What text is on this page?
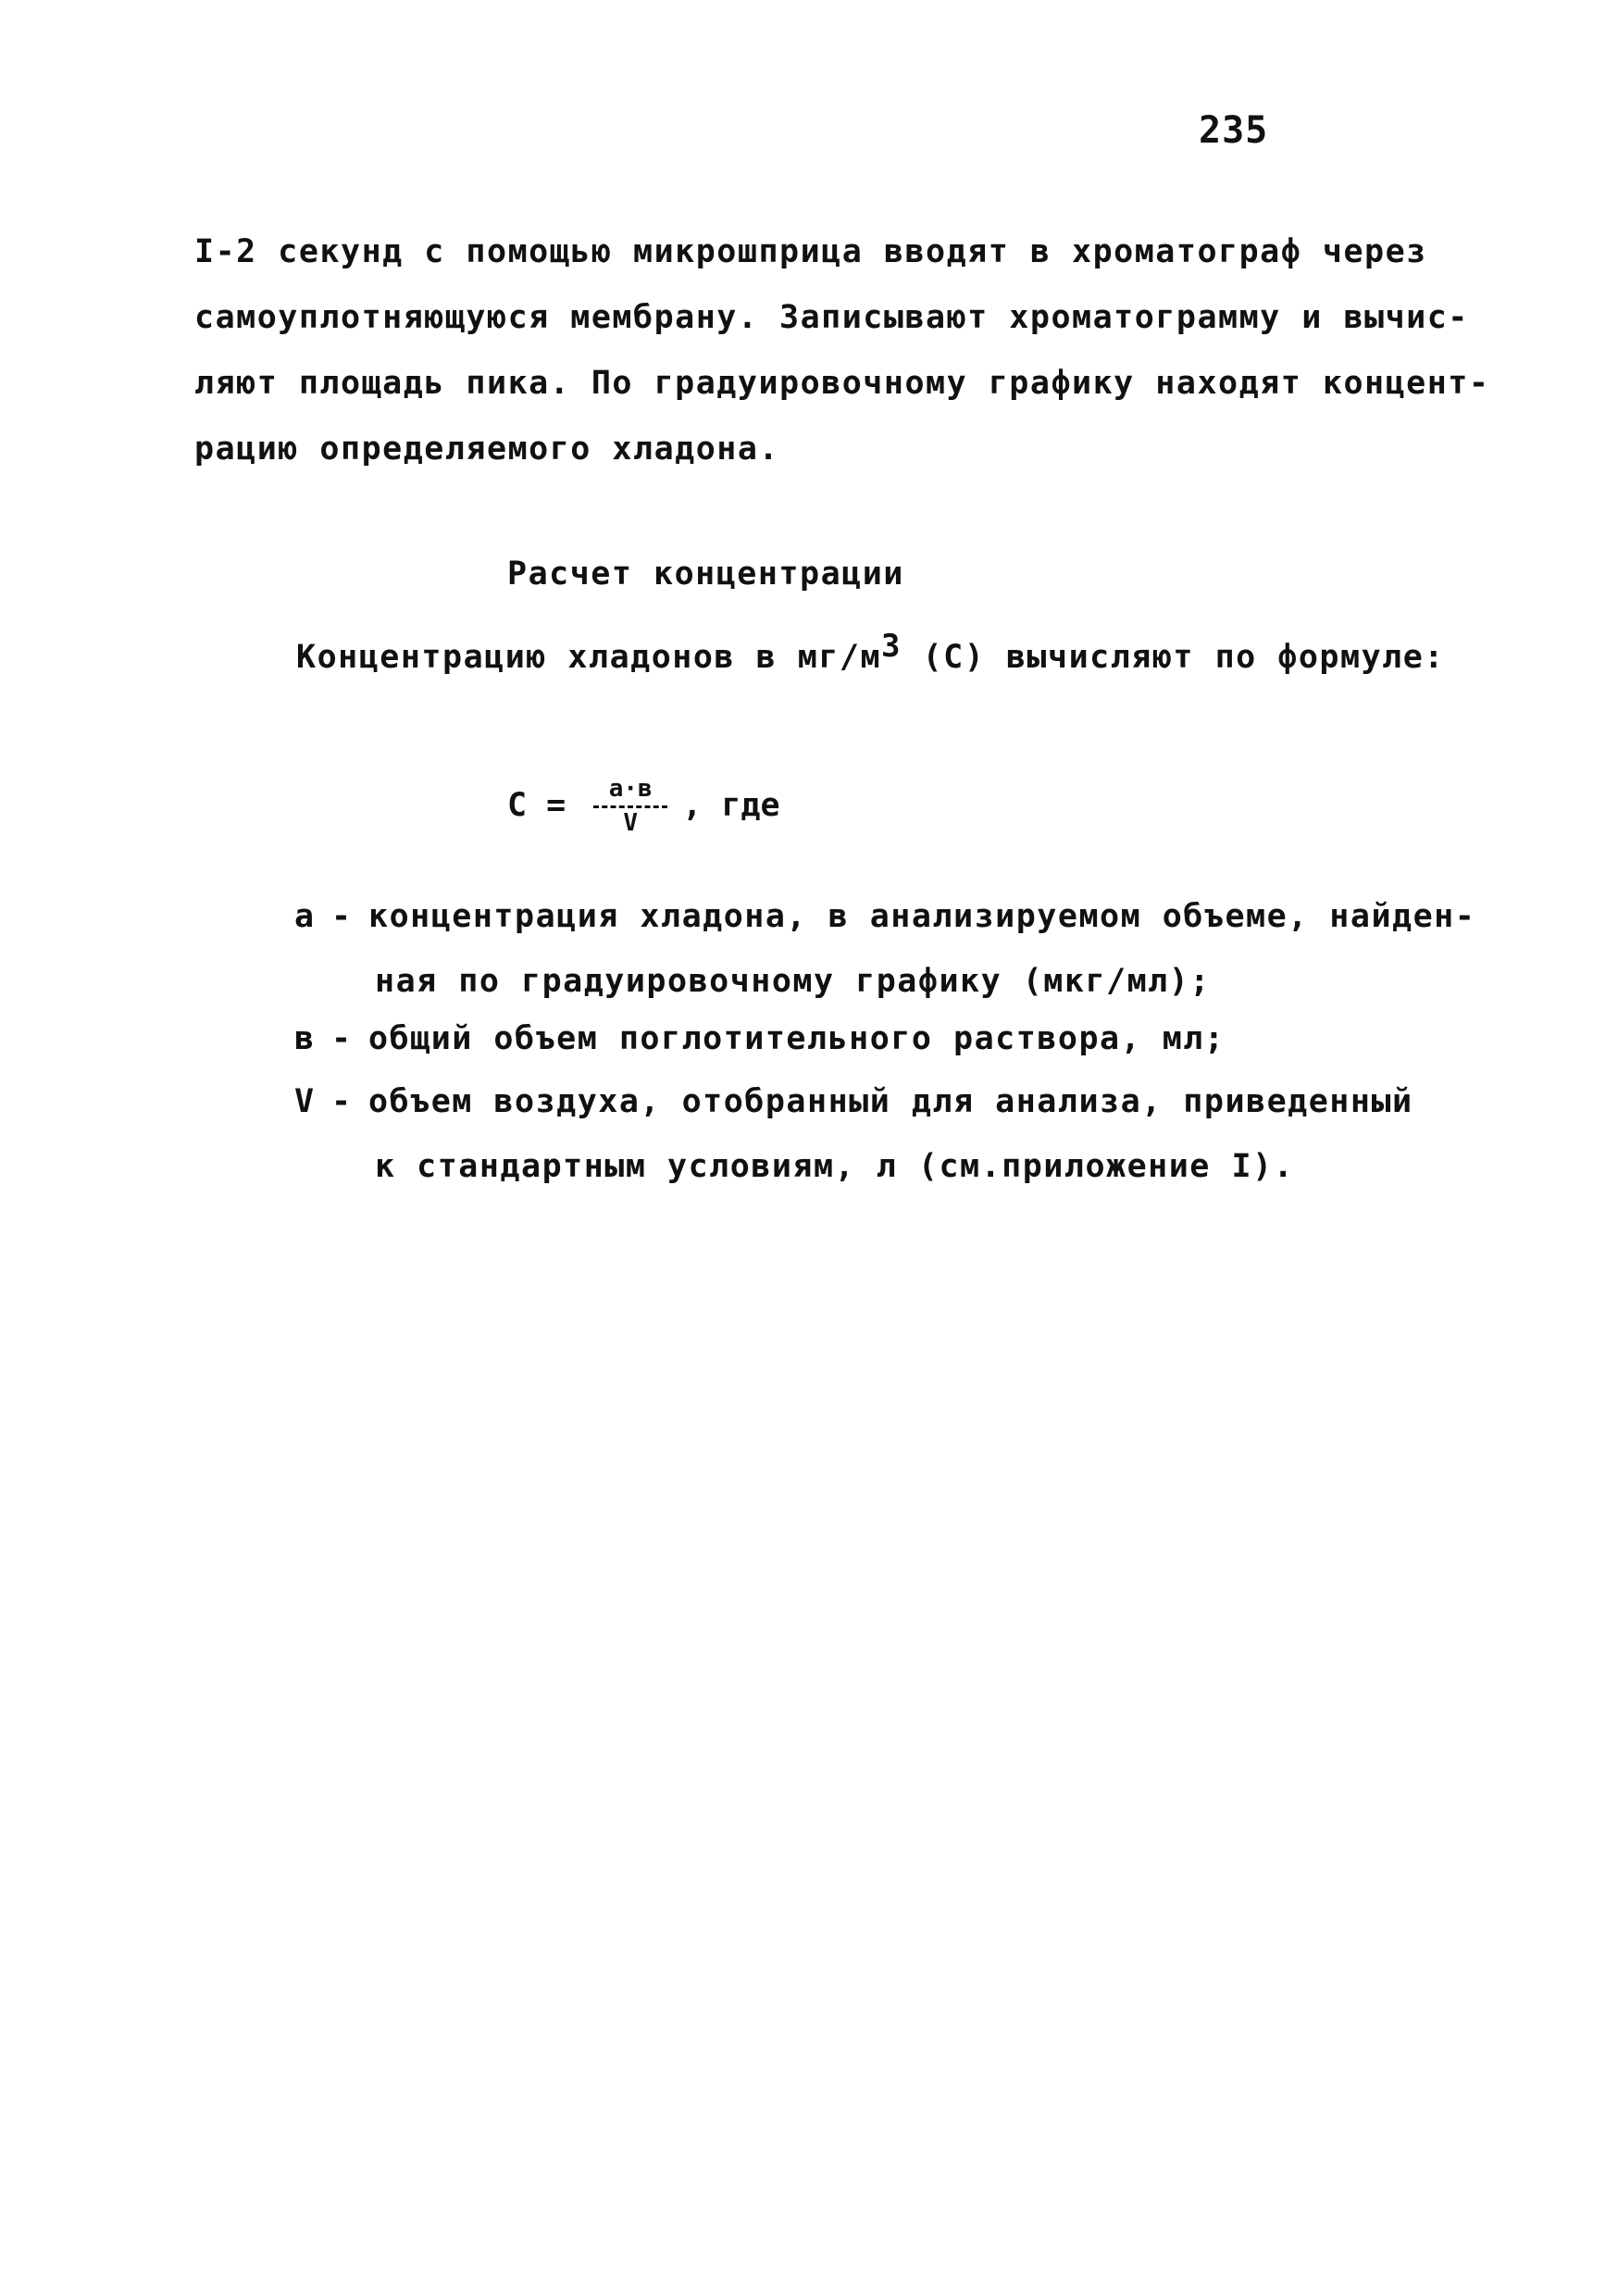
235
I-2 секунд с помощью микрошприца вводят в хроматограф через
самоуплотняющуюся мембрану. Записывают хроматограмму и вычис-
ляют площадь пика. По градуировочному графику находят концент-
рацию определяемого хладона.
Расчет концентрации
Концентрацию хладонов в $мг/м^3$ (С) вычисляют по формуле:
$С = \frac{а\cdot в}{V}$ , где
а - концентрация хладона, в анализируемом объеме, найден-
ная по градуировочному графику (мкг/мл);
в - общий объем поглотительного раствора, мл;
V - объем воздуха, отобранный для анализа, приведенный
к стандартным условиям, л (см.приложение I).
